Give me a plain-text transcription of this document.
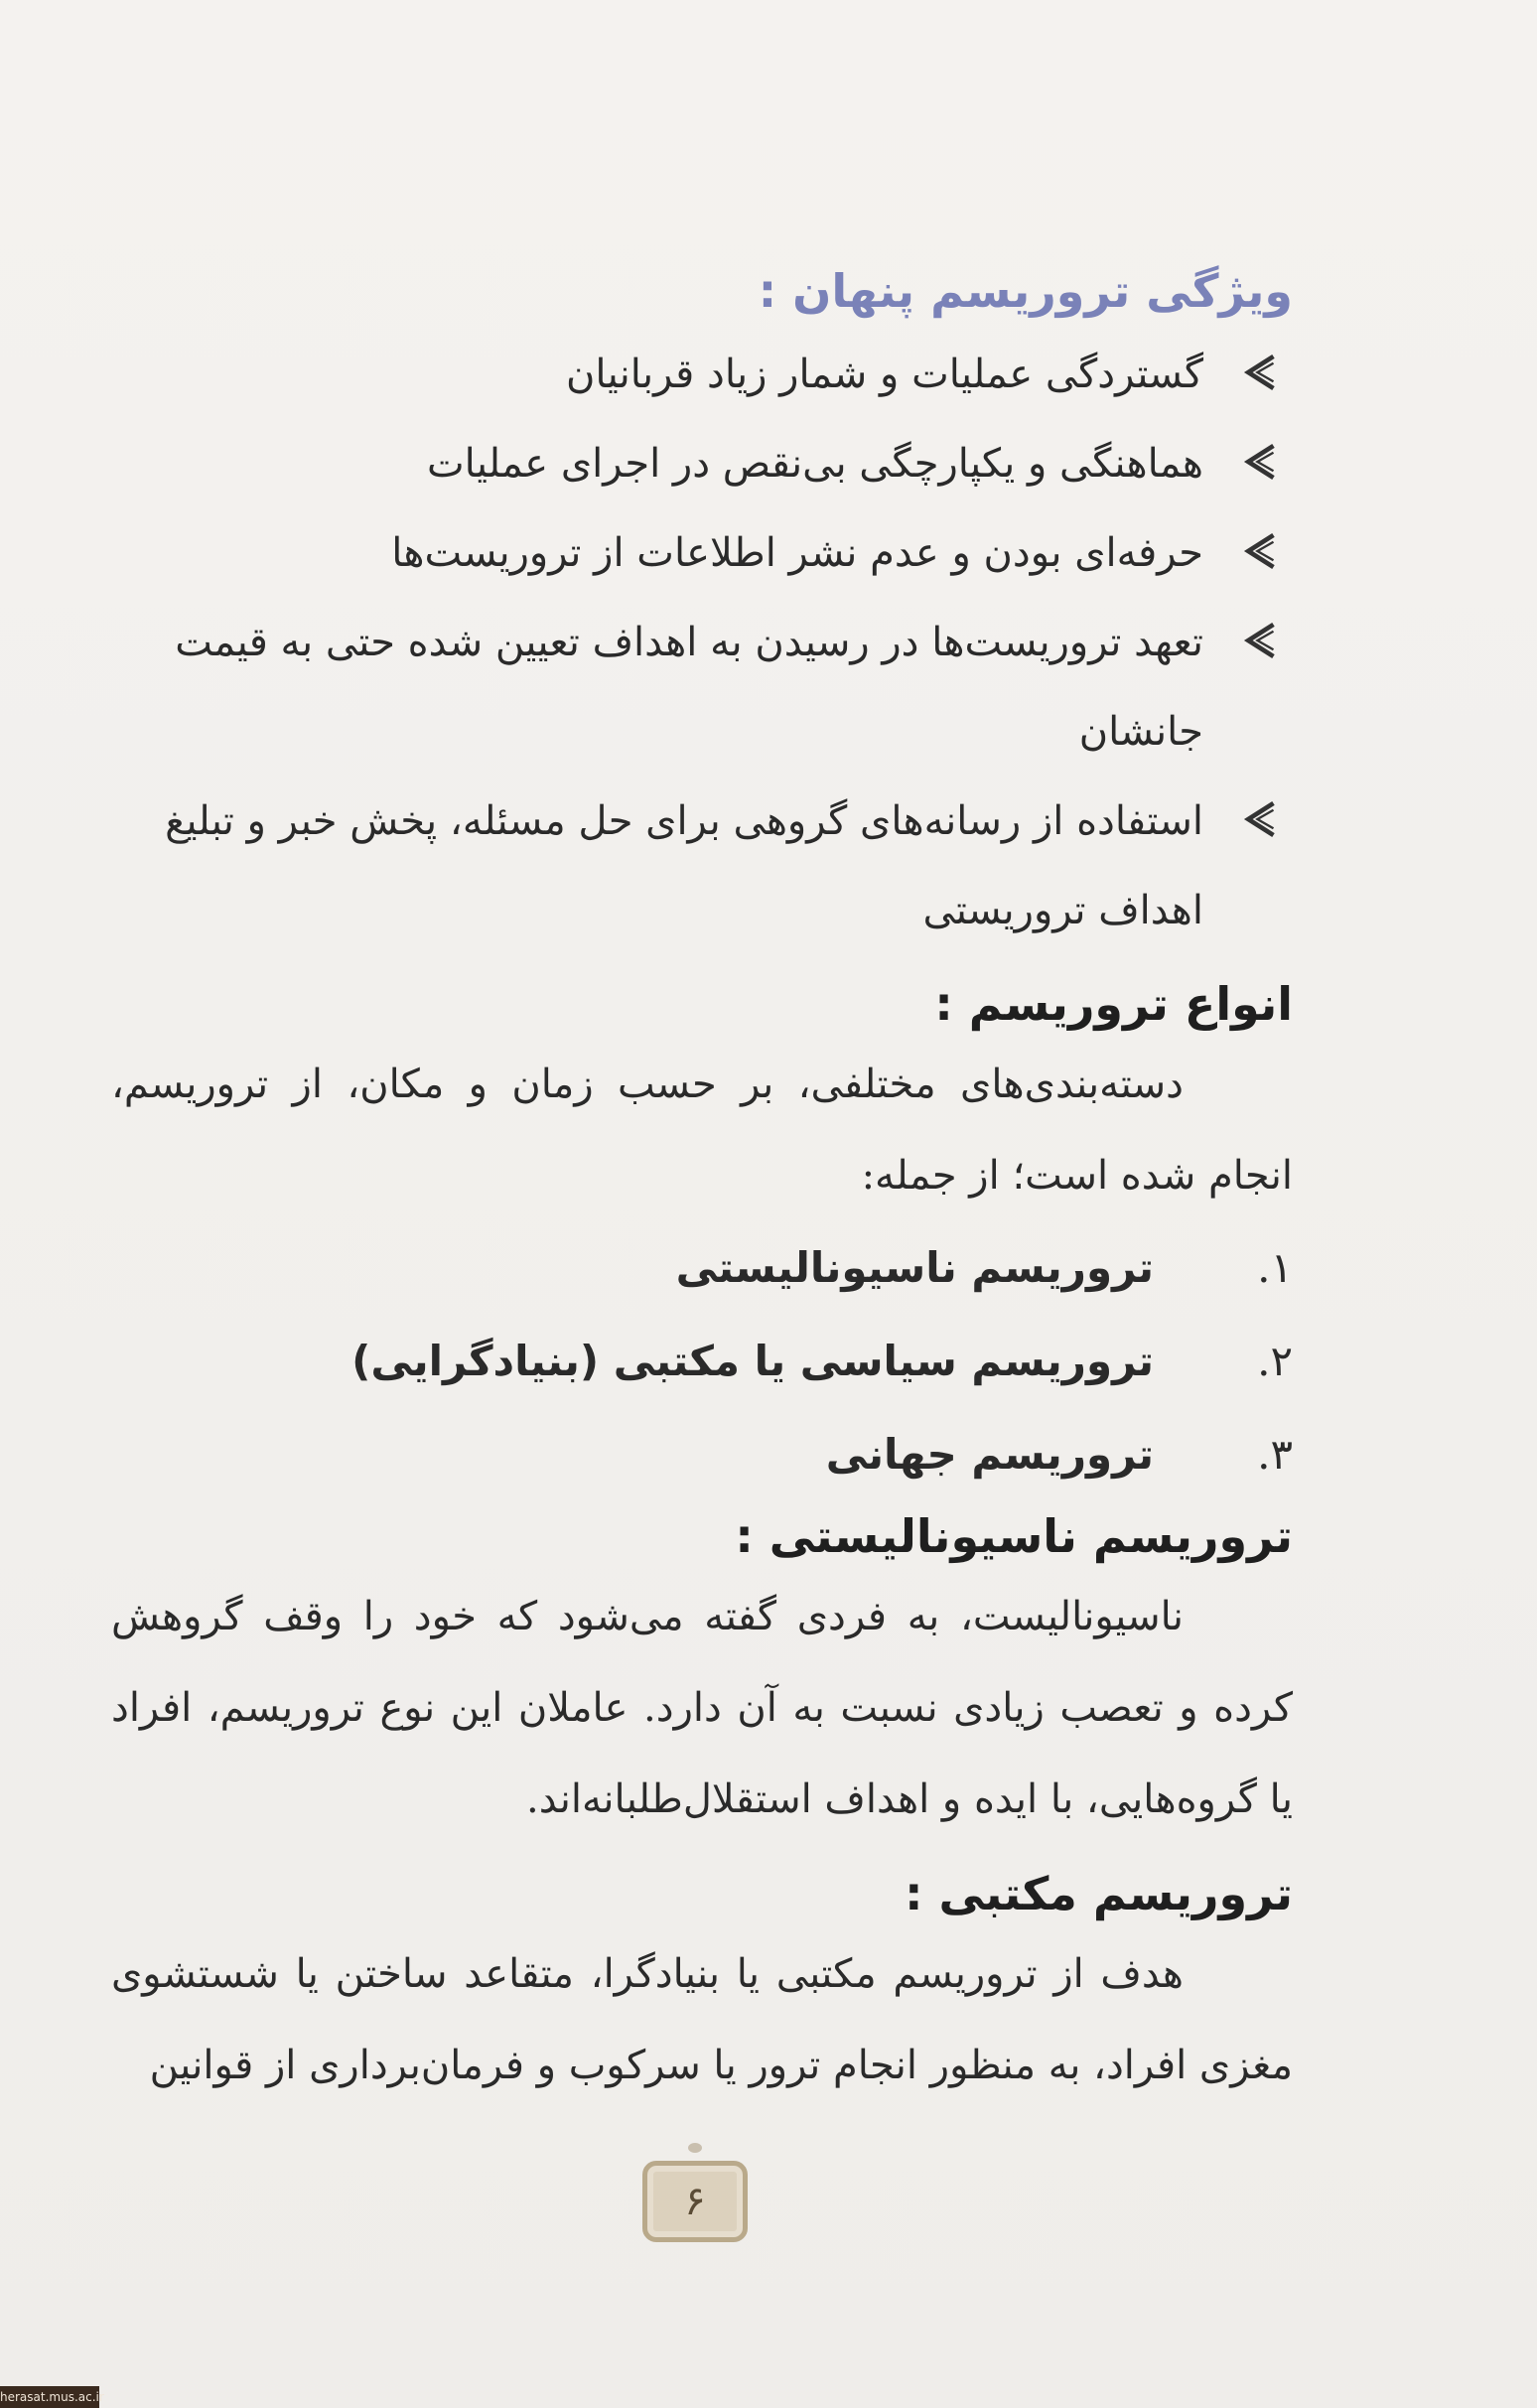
ویژگی تروریسم پنهان :
گستردگی عملیات و شمار زیاد قربانیان
هماهنگی و یکپارچگی بی‌نقص در اجرای عملیات
حرفه‌ای بودن و عدم نشر اطلاعات از تروریست‌ها
تعهد تروریست‌ها در رسیدن به اهداف تعیین شده حتی به قیمت جانشان
استفاده از رسانه‌های گروهی برای حل مسئله، پخش خبر و تبلیغ اهداف تروریستی
انواع تروریسم :

دسته‌بندی‌های مختلفی، بر حسب زمان و مکان، از تروریسم، انجام شده است؛ از جمله:

۱.
تروریسم ناسیونالیستی
۲.
تروریسم سیاسی یا مکتبی (بنیادگرایی)
۳.
تروریسم جهانی
تروریسم ناسیونالیستی :

ناسیونالیست، به فردی گفته می‌شود که خود را وقف گروهش کرده و تعصب زیادی نسبت به آن دارد. عاملان این نوع تروریسم، افراد یا گروه‌هایی، با ایده و اهداف استقلال‌طلبانه‌اند.

تروریسم مکتبی :

هدف از تروریسم مکتبی یا بنیادگرا، متقاعد ساختن یا شستشوی مغزی افراد، به منظور انجام ترور یا سرکوب و فرمان‌برداری از قوانین

۶
herasat.mus.ac.ir
